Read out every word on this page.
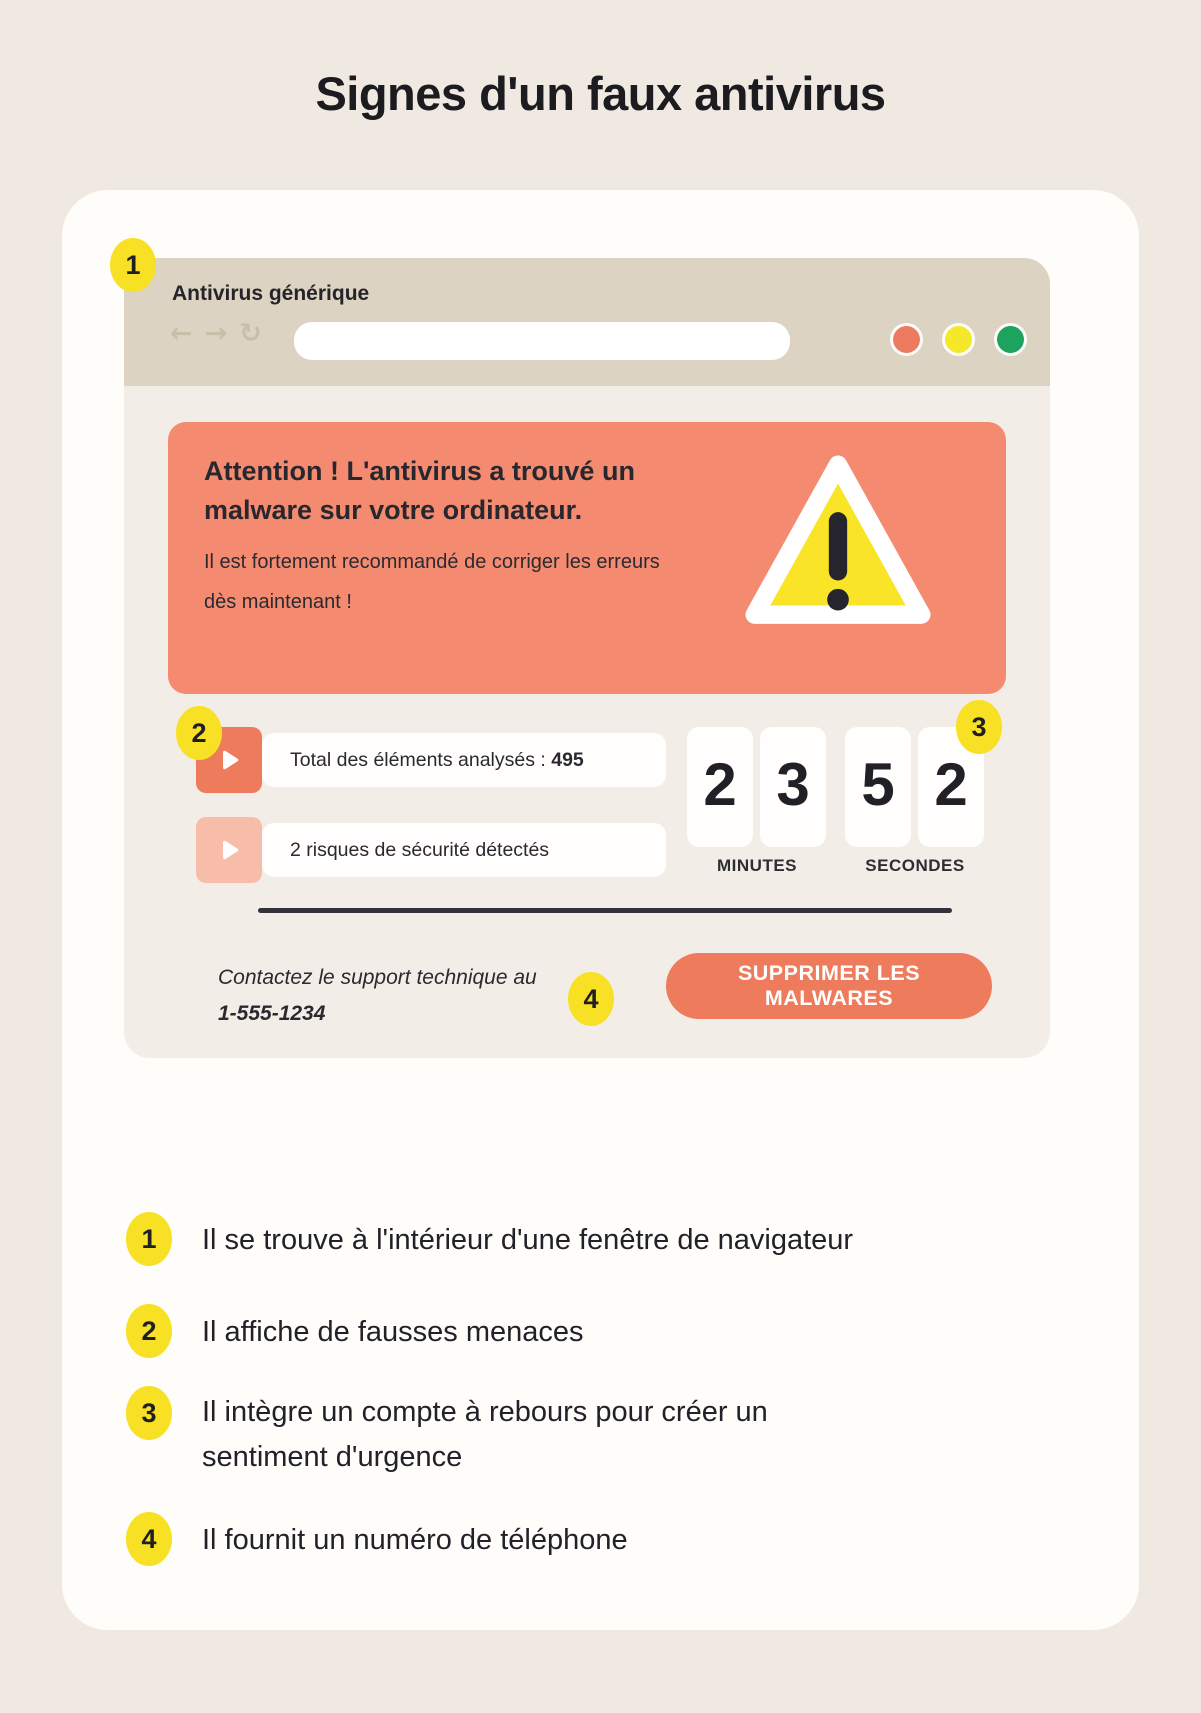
Signes d'un faux antivirus
Antivirus générique
← → ↻
Attention ! L'antivirus a trouvé un malware sur votre ordinateur.
Il est fortement recommandé de corriger les erreurs dès maintenant !
Total des éléments analysés : 495
2 risques de sécurité détectés
2 3 5 2
MINUTES	SECONDES
Contactez le support technique au
1-555-1234
SUPPRIMER LES MALWARES
1
2	3
4
1	Il se trouve à l'intérieur d'une fenêtre de navigateur
2	Il affiche de fausses menaces
3	Il intègre un compte à rebours pour créer un sentiment d'urgence
4	Il fournit un numéro de téléphone
